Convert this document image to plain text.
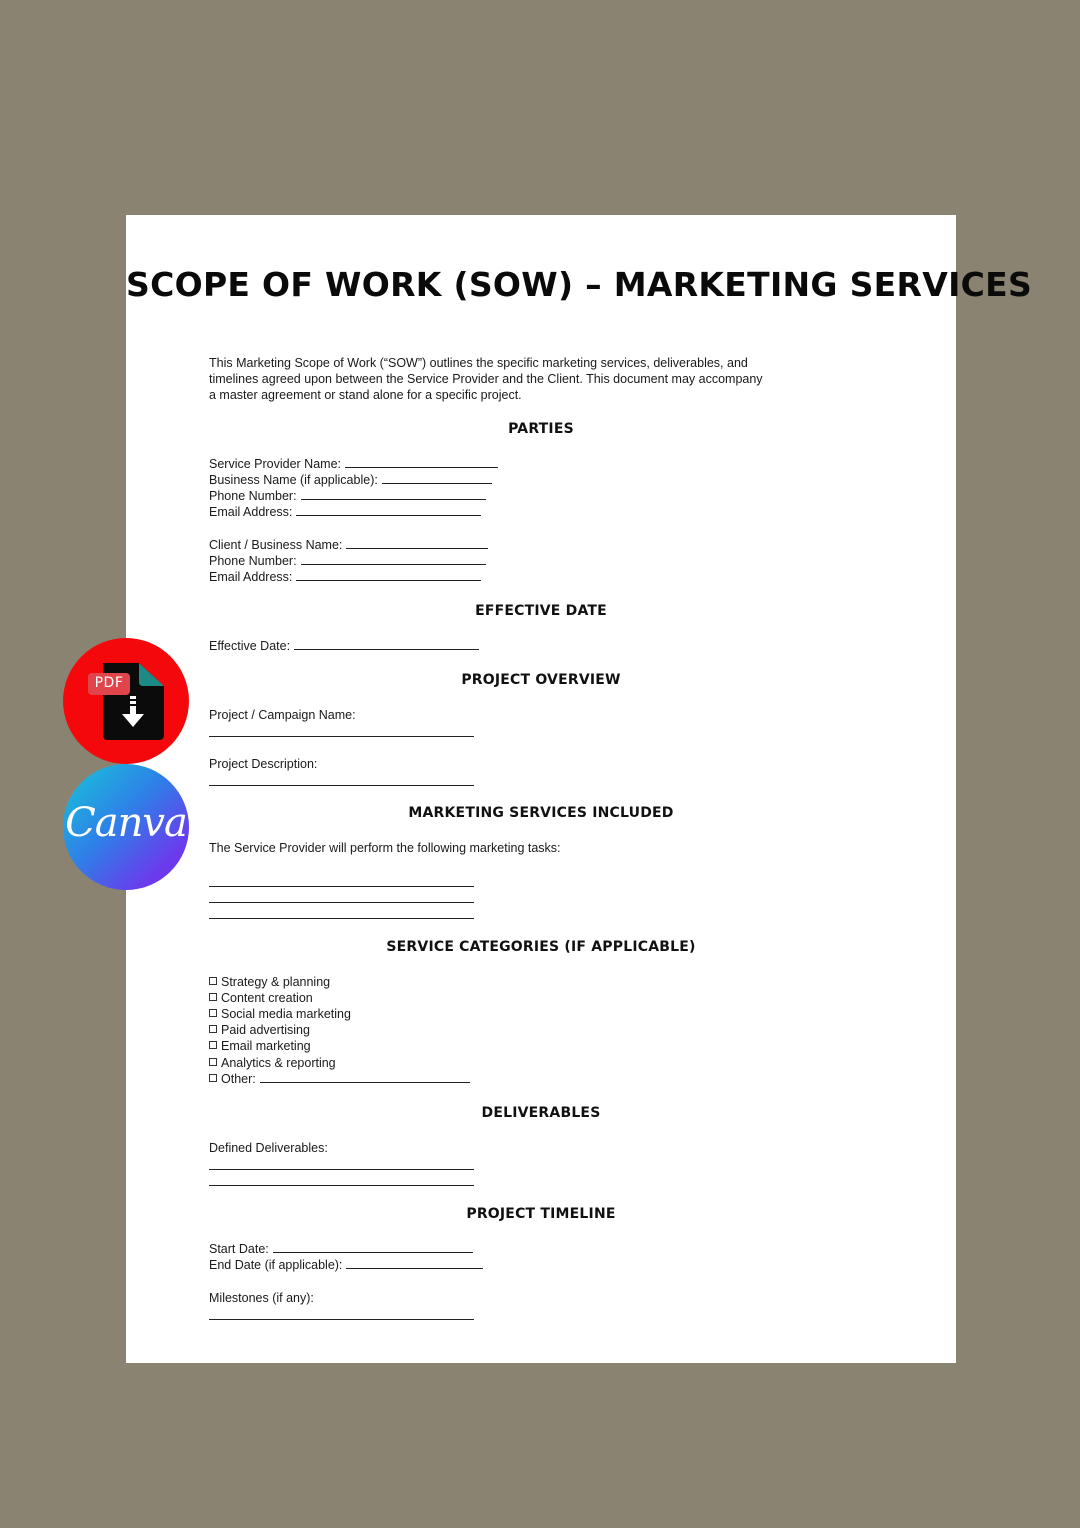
SCOPE OF WORK (SOW) – MARKETING SERVICES
This Marketing Scope of Work (“SOW”) outlines the specific marketing services, deliverables, and timelines agreed upon between the Service Provider and the Client. This document may accompany a master agreement or stand alone for a specific project.
PARTIES
Service Provider Name:
Business Name (if applicable):
Phone Number:
Email Address:
Client / Business Name:
Phone Number:
Email Address:
EFFECTIVE DATE
Effective Date:
PROJECT OVERVIEW
Project / Campaign Name:
Project Description:
MARKETING SERVICES INCLUDED
The Service Provider will perform the following marketing tasks:
SERVICE CATEGORIES (IF APPLICABLE)
Strategy & planning
Content creation
Social media marketing
Paid advertising
Email marketing
Analytics & reporting
Other:
DELIVERABLES
Defined Deliverables:
PROJECT TIMELINE
Start Date:
End Date (if applicable):
Milestones (if any):
PDF
Canva
